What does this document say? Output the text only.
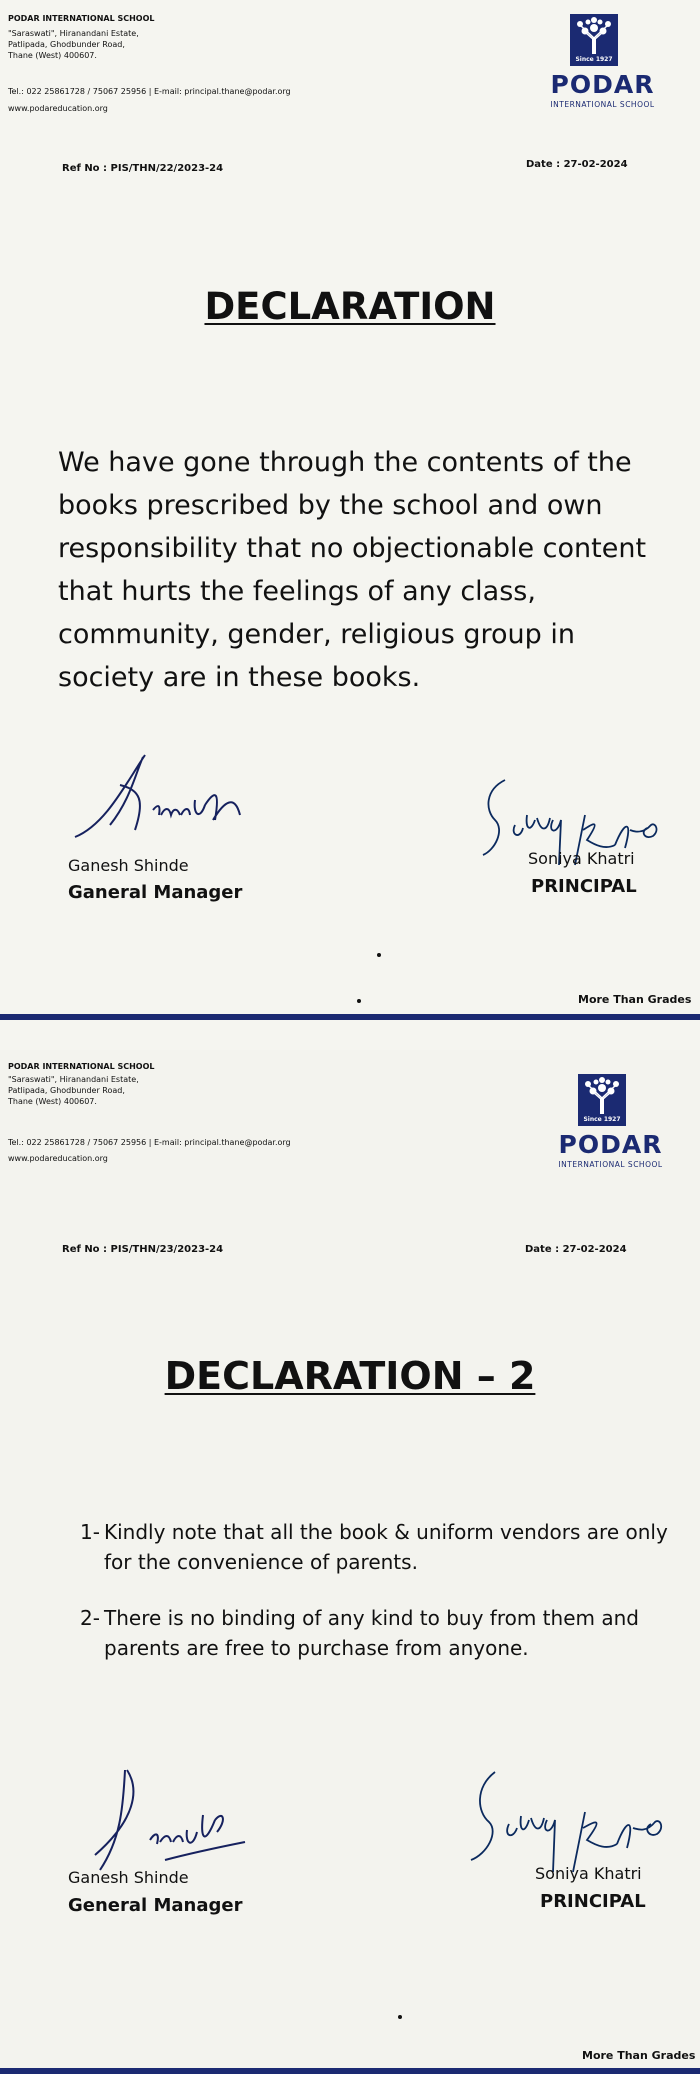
PODAR INTERNATIONAL SCHOOL
"Saraswati", Hiranandani Estate,
Patlipada, Ghodbunder Road,
Thane (West) 400607.
Tel.: 022 25861728 / 75067 25956 | E-mail: principal.thane@podar.org
www.podareducation.org
Since 1927
PODAR
INTERNATIONAL SCHOOL
Ref No : PIS/THN/22/2023-24	Date : 27-02-2024
DECLARATION
We have gone through the contents of the books prescribed by the school and own responsibility that no objectionable content that hurts the feelings of any class, community, gender, religious group in society are in these books.
Ganesh Shinde
Ganeral Manager
Soniya Khatri
PRINCIPAL
More Than Grades
PODAR INTERNATIONAL SCHOOL
"Saraswati", Hiranandani Estate,
Patlipada, Ghodbunder Road,
Thane (West) 400607.
Tel.: 022 25861728 / 75067 25956 | E-mail: principal.thane@podar.org
www.podareducation.org
Since 1927
PODAR
INTERNATIONAL SCHOOL
Ref No : PIS/THN/23/2023-24	Date : 27-02-2024
DECLARATION – 2
1- Kindly note that all the book & uniform vendors are only for the convenience of parents.
2- There is no binding of any kind to buy from them and parents are free to purchase from anyone.
Ganesh Shinde
General Manager
Soniya Khatri
PRINCIPAL
More Than Grades
